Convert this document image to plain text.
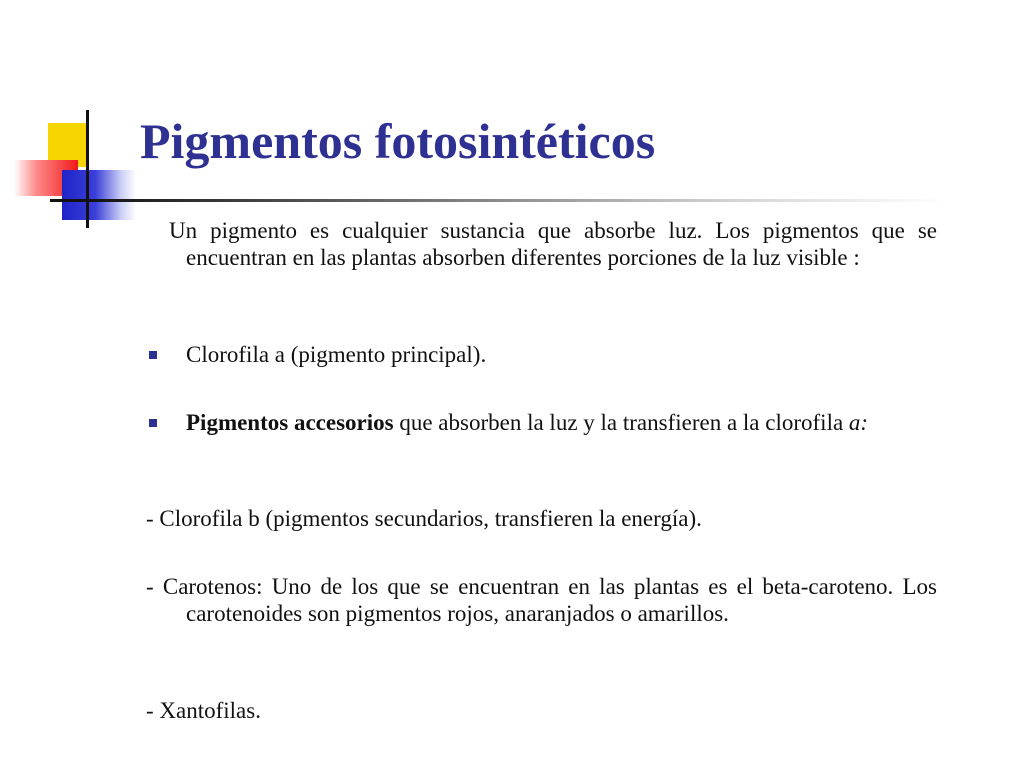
Pigmentos fotosintéticos

Un pigmento es cualquier sustancia que absorbe luz. Los pigmentos que se encuentran en las plantas absorben diferentes porciones de la luz visible :

Clorofila a (pigmento principal).
Pigmentos accesorios que absorben la luz y la transfieren a la clorofila a:

- Clorofila b (pigmentos secundarios, transfieren la energía).

- Carotenos: Uno de los que se encuentran en las plantas es el beta-caroteno. Los carotenoides son pigmentos rojos, anaranjados o amarillos.

- Xantofilas.
